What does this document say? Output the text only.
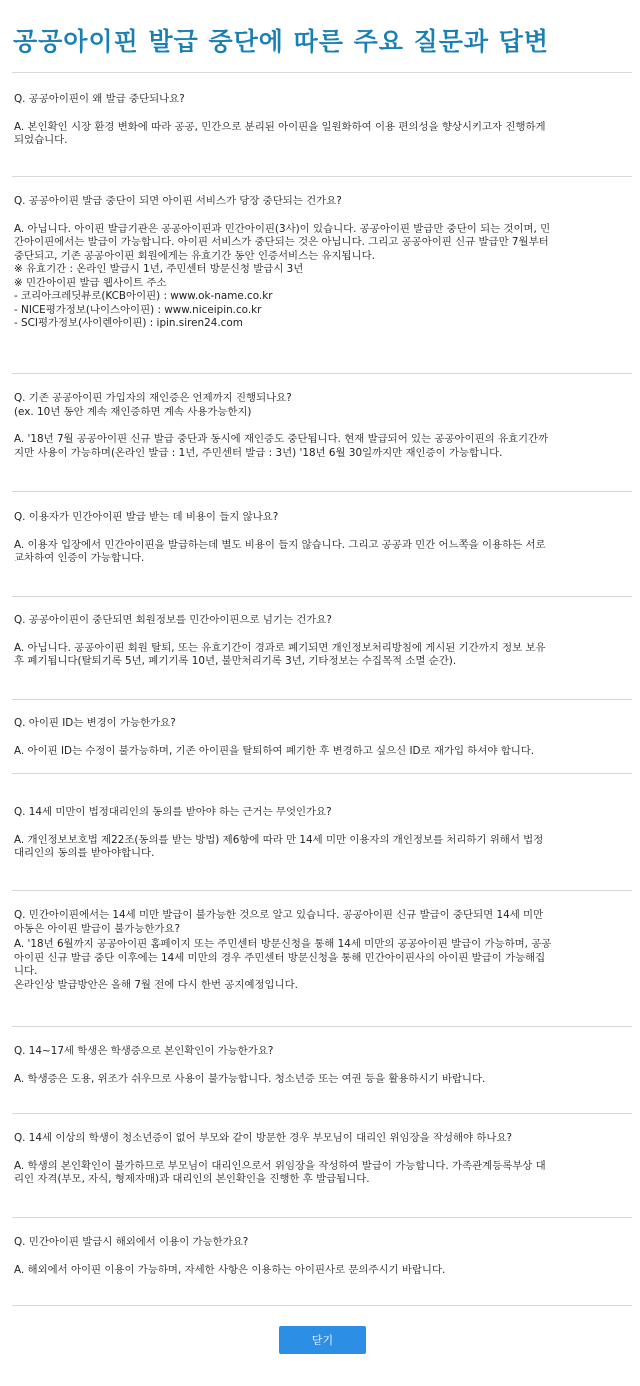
공공아이핀 발급 중단에 따른 주요 질문과 답변
Q. 공공아이핀이 왜 발급 중단되나요?
A. 본인확인 시장 환경 변화에 따라 공공, 민간으로 분리된 아이핀을 일원화하여 이용 편의성을 향상시키고자 진행하게
되었습니다.
Q. 공공아이핀 발급 중단이 되면 아이핀 서비스가 당장 중단되는 건가요?
A. 아닙니다. 아이핀 발급기관은 공공아이핀과 민간아이핀(3사)이 있습니다. 공공아이핀 발급만 중단이 되는 것이며, 민
간아이핀에서는 발급이 가능합니다. 아이핀 서비스가 중단되는 것은 아닙니다. 그리고 공공아이핀 신규 발급만 7월부터
중단되고, 기존 공공아이핀 회원에게는 유효기간 동안 인증서비스는 유지됩니다.
※ 유효기간 : 온라인 발급시 1년, 주민센터 방문신청 발급시 3년
※ 민간아이핀 발급 웹사이트 주소
- 코리아크레딧뷰로(KCB아이핀) : www.ok-name.co.kr
- NICE평가정보(나이스아이핀) : www.niceipin.co.kr
- SCI평가정보(사이렌아이핀) : ipin.siren24.com
Q. 기존 공공아이핀 가입자의 재인증은 언제까지 진행되나요?
(ex. 10년 동안 계속 재인증하면 계속 사용가능한지)
A. '18년 7월 공공아이핀 신규 발급 중단과 동시에 재인증도 중단됩니다. 현재 발급되어 있는 공공아이핀의 유효기간까
지만 사용이 가능하며(온라인 발급 : 1년, 주민센터 발급 : 3년) '18년 6월 30일까지만 재인증이 가능합니다.
Q. 이용자가 민간아이핀 발급 받는 데 비용이 들지 않나요?
A. 이용자 입장에서 민간아이핀을 발급하는데 별도 비용이 들지 않습니다. 그리고 공공과 민간 어느쪽을 이용하든 서로
교차하여 인증이 가능합니다.
Q. 공공아이핀이 중단되면 회원정보를 민간아이핀으로 넘기는 건가요?
A. 아닙니다. 공공아이핀 회원 탈퇴, 또는 유효기간이 경과로 폐기되면 개인정보처리방침에 게시된 기간까지 정보 보유
후 폐기됩니다(탈퇴기록 5년, 폐기기록 10년, 불만처리기록 3년, 기타정보는 수집목적 소멸 순간).
Q. 아이핀 ID는 변경이 가능한가요?
A. 아이핀 ID는 수정이 불가능하며, 기존 아이핀을 탈퇴하여 폐기한 후 변경하고 싶으신 ID로 재가입 하셔야 합니다.
Q. 14세 미만이 법정대리인의 동의를 받아야 하는 근거는 무엇인가요?
A. 개인정보보호법 제22조(동의를 받는 방법) 제6항에 따라 만 14세 미만 이용자의 개인정보를 처리하기 위해서 법정
대리인의 동의를 받아야합니다.
Q. 민간아이핀에서는 14세 미만 발급이 불가능한 것으로 알고 있습니다. 공공아이핀 신규 발급이 중단되면 14세 미만
아동은 아이핀 발급이 불가능한가요?
A. '18년 6월까지 공공아이핀 홈페이지 또는 주민센터 방문신청을 통해 14세 미만의 공공아이핀 발급이 가능하며, 공공
아이핀 신규 발급 중단 이후에는 14세 미만의 경우 주민센터 방문신청을 통해 민간아이핀사의 아이핀 발급이 가능해집
니다.
온라인상 발급방안은 올해 7월 전에 다시 한번 공지예정입니다.
Q. 14~17세 학생은 학생증으로 본인확인이 가능한가요?
A. 학생증은 도용, 위조가 쉬우므로 사용이 불가능합니다. 청소년증 또는 여권 등을 활용하시기 바랍니다.
Q. 14세 이상의 학생이 청소년증이 없어 부모와 같이 방문한 경우 부모님이 대리인 위임장을 작성해야 하나요?
A. 학생의 본인확인이 불가하므로 부모님이 대리인으로서 위임장을 작성하여 발급이 가능합니다. 가족관계등록부상 대
리인 자격(부모, 자식, 형제자매)과 대리인의 본인확인을 진행한 후 발급됩니다.
Q. 민간아이핀 발급시 해외에서 이용이 가능한가요?
A. 해외에서 아이핀 이용이 가능하며, 자세한 사항은 이용하는 아이핀사로 문의주시기 바랍니다.
닫기
